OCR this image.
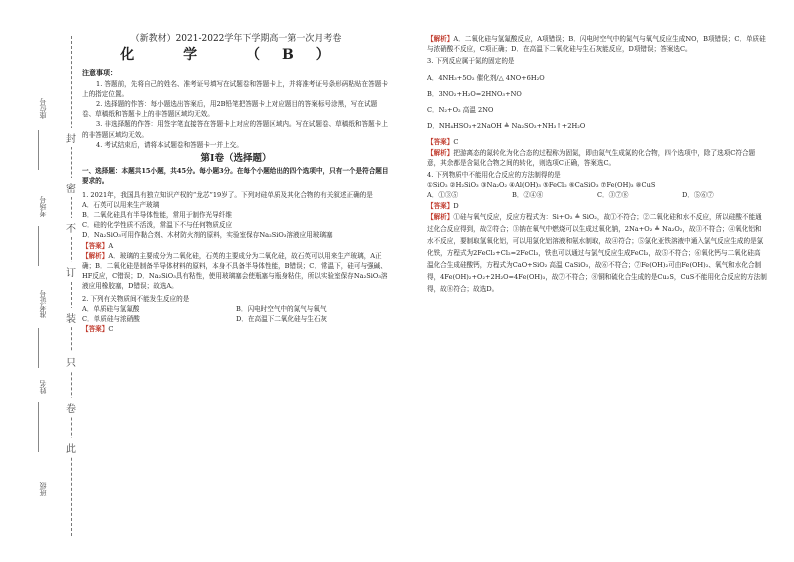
封
密
不
订
装
只
卷
此
座位号
考场号
准考证号
姓名
班级
（新教材）2021-2022学年下学期高一第一次月考卷
化 学 （B）

注意事项：

1. 答题前，先将自己的姓名、准考证号填写在试题卷和答题卡上，并将准考证号条形码粘贴在答题卡上的指定位置。

2. 选择题的作答：每小题选出答案后，用2B铅笔把答题卡上对应题目的答案标号涂黑，写在试题卷、草稿纸和答题卡上的非答题区域均无效。

3. 非选择题的作答：用签字笔直接答在答题卡上对应的答题区域内。写在试题卷、草稿纸和答题卡上的非答题区域均无效。

4. 考试结束后，请将本试题卷和答题卡一并上交。

第Ⅰ卷（选择题）

一、选择题：本题共15小题，共45分。每小题3分。在每个小题给出的四个选项中，只有一个是符合题目要求的。

1. 2021年，我国具有独立知识产权的“龙芯”19岁了。下列对硅单质及其化合物的有关叙述正确的是

A．石英可以用来生产玻璃

B．二氧化硅具有半导体性能，常用于制作光导纤维

C．硅的化学性质不活泼，常温下不与任何物质反应

D．Na₂SiO₃可用作黏合剂、木材防火剂的原料，实验室保存Na₂SiO₃溶液应用玻璃塞

【答案】A

【解析】A．玻璃的主要成分为二氧化硅，石英的主要成分为二氧化硅，故石英可以用来生产玻璃，A正确；B．二氧化硅是制备半导体材料的原料，本身不具备半导体性能，B错误；C．常温下，硅可与强碱、HF反应，C错误；D．Na₂SiO₃具有粘性，使用玻璃塞会使瓶塞与瓶身粘住，所以实验室保存Na₂SiO₃溶液应用橡胶塞，D错误；故选A。

2. 下列有关物质间不能发生反应的是

A．单质硅与氢氟酸	B．闪电时空气中的氮气与氧气
C．单质硅与浓硝酸	D．在高温下二氧化硅与生石灰

【答案】C

【解析】A．二氧化硅与氢氟酸反应，A项错误；B．闪电时空气中的氮气与氧气反应生成NO，B项错误；C．单质硅与浓硝酸不反应，C项正确；D．在高温下二氧化硅与生石灰能反应，D项错误；答案选C。

3. 下列反应属于氮的固定的是

A．4NH₃+5O₂ 催化剂/△ 4NO+6H₂O

B．3NO₂+H₂O=2HNO₃+NO

C．N₂+O₂ 高温 2NO

D．NH₄HSO₃+2NaOH ≜ Na₂SO₃+NH₃↑+2H₂O

【答案】C

【解析】把游离态的氮转化为化合态的过程称为固氮，即由氮气生成氮的化合物，四个选项中，除了选项C符合题意，其余都是含氮化合物之间的转化，则选项C正确，答案选C。

4. 下列物质中不能用化合反应的方法制得的是

①SiO₂ ②H₂SiO₃ ③Na₂O₂ ④Al(OH)₃ ⑤FeCl₂ ⑥CaSiO₃ ⑦Fe(OH)₃ ⑧CuS

A．①③⑤	B．②④⑧	C．③⑦⑧	D．⑤⑥⑦

【答案】D

【解析】①硅与氧气反应，反应方程式为：Si+O₂ ≜ SiO₂，故①不符合；②二氧化硅和水不反应，所以硅酸不能通过化合反应得到，故②符合；③钠在氧气中燃烧可以生成过氧化钠，2Na+O₂ ≜ Na₂O₂，故③不符合；④氧化铝和水不反应，要制取氢氧化铝，可以用氯化铝溶液和氨水制取，故④符合；⑤氯化亚铁溶液中通入氯气反应生成的是氯化铁，方程式为2FeCl₂+Cl₂=2FeCl₃，铁也可以通过与氯气反应生成FeCl₃，故⑤不符合；⑥氧化钙与二氧化硅高温化合生成硅酸钙，方程式为CaO+SiO₂ 高温 CaSiO₃，故⑥不符合；⑦Fe(OH)₂可由Fe(OH)₂、氧气和水化合制得，4Fe(OH)₂+O₂+2H₂O=4Fe(OH)₃，故⑦不符合；⑧铜和硫化合生成的是Cu₂S，CuS不能用化合反应的方法制得，故⑧符合；故选D。
